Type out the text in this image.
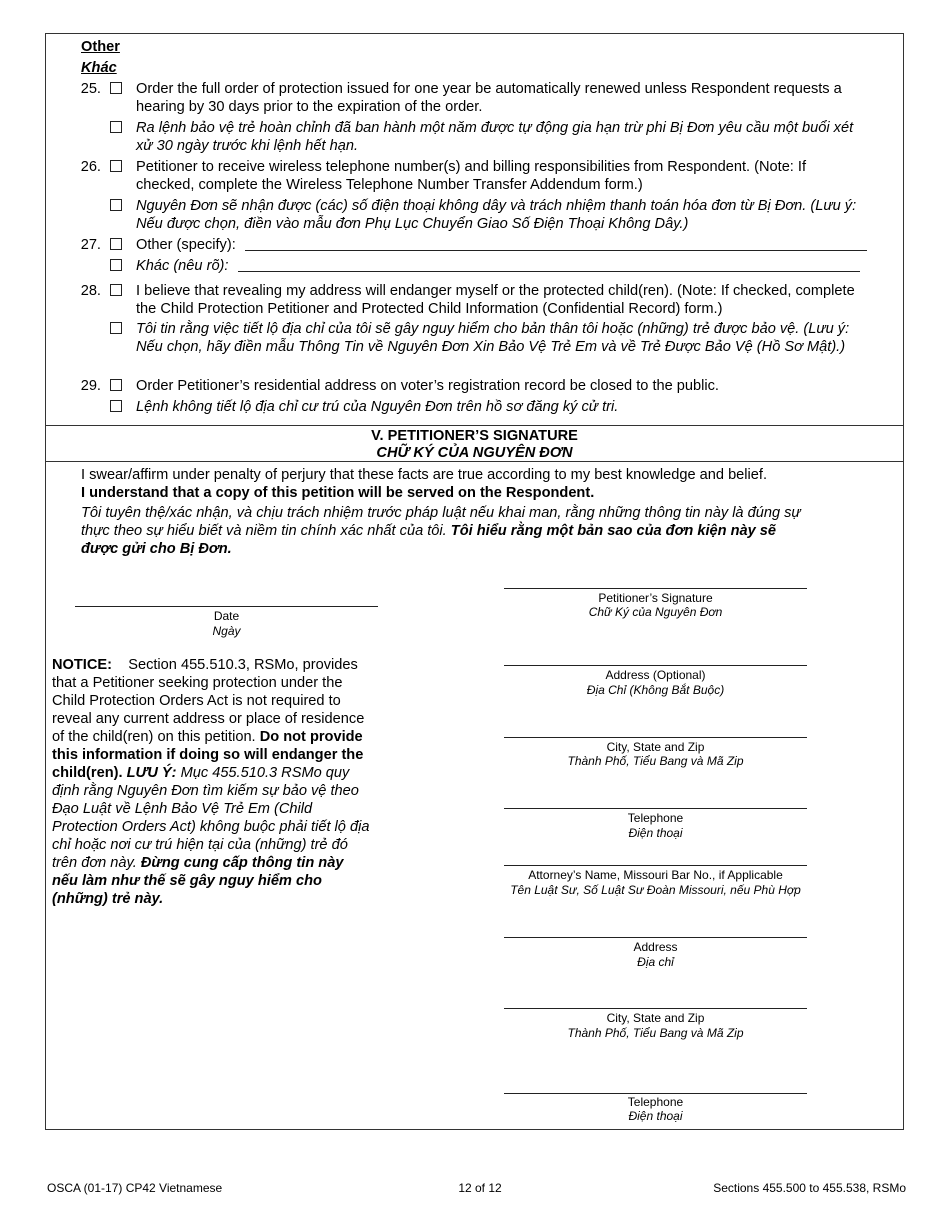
Other
Khác
25. Order the full order of protection issued for one year be automatically renewed unless Respondent requests a hearing by 30 days prior to the expiration of the order.
Ra lệnh bảo vệ trẻ hoàn chỉnh đã ban hành một năm được tự động gia hạn trừ phi Bị Đơn yêu cầu một buổi xét xử 30 ngày trước khi lệnh hết hạn.
26. Petitioner to receive wireless telephone number(s) and billing responsibilities from Respondent. (Note: If checked, complete the Wireless Telephone Number Transfer Addendum form.)
Nguyên Đơn sẽ nhận được (các) số điện thoại không dây và trách nhiệm thanh toán hóa đơn từ Bị Đơn. (Lưu ý: Nếu được chọn, điền vào mẫu đơn Phụ Lục Chuyển Giao Số Điện Thoại Không Dây.)
27. Other (specify):
Khác (nêu rõ):
28. I believe that revealing my address will endanger myself or the protected child(ren). (Note: If checked, complete the Child Protection Petitioner and Protected Child Information (Confidential Record) form.)
Tôi tin rằng việc tiết lộ địa chỉ của tôi sẽ gây nguy hiểm cho bản thân tôi hoặc (những) trẻ được bảo vệ. (Lưu ý: Nếu chọn, hãy điền mẫu Thông Tin về Nguyên Đơn Xin Bảo Vệ Trẻ Em và về Trẻ Được Bảo Vệ (Hồ Sơ Mật).)
29. Order Petitioner’s residential address on voter’s registration record be closed to the public.
Lệnh không tiết lộ địa chỉ cư trú của Nguyên Đơn trên hồ sơ đăng ký cử tri.
V. PETITIONER’S SIGNATURE
CHỮ KÝ CỦA NGUYÊN ĐƠN
I swear/affirm under penalty of perjury that these facts are true according to my best knowledge and belief.
I understand that a copy of this petition will be served on the Respondent.
Tôi tuyên thệ/xác nhận, và chịu trách nhiệm trước pháp luật nếu khai man, rằng những thông tin này là đúng sự thực theo sự hiểu biết và niềm tin chính xác nhất của tôi. Tôi hiểu rằng một bản sao của đơn kiện này sẽ được gửi cho Bị Đơn.
Date
Ngày
NOTICE: Section 455.510.3, RSMo, provides that a Petitioner seeking protection under the Child Protection Orders Act is not required to reveal any current address or place of residence of the child(ren) on this petition. Do not provide this information if doing so will endanger the child(ren). LƯU Ý: Mục 455.510.3 RSMo quy định rằng Nguyên Đơn tìm kiếm sự bảo vệ theo Đạo Luật về Lệnh Bảo Vệ Trẻ Em (Child Protection Orders Act) không buộc phải tiết lộ địa chỉ hoặc nơi cư trú hiện tại của (những) trẻ đó trên đơn này. Đừng cung cấp thông tin này nếu làm như thế sẽ gây nguy hiểm cho (những) trẻ này.
Petitioner’s Signature
Chữ Ký của Nguyên Đơn
Address (Optional)
Địa Chỉ (Không Bắt Buộc)
City, State and Zip
Thành Phố, Tiểu Bang và Mã Zip
Telephone
Điện thoại
Attorney’s Name, Missouri Bar No., if Applicable
Tên Luật Sư, Số Luật Sư Đoàn Missouri, nếu Phù Hợp
Address
Địa chỉ
City, State and Zip
Thành Phố, Tiểu Bang và Mã Zip
Telephone
Điện thoại
OSCA (01-17) CP42 Vietnamese	12 of 12	Sections 455.500 to 455.538, RSMo
